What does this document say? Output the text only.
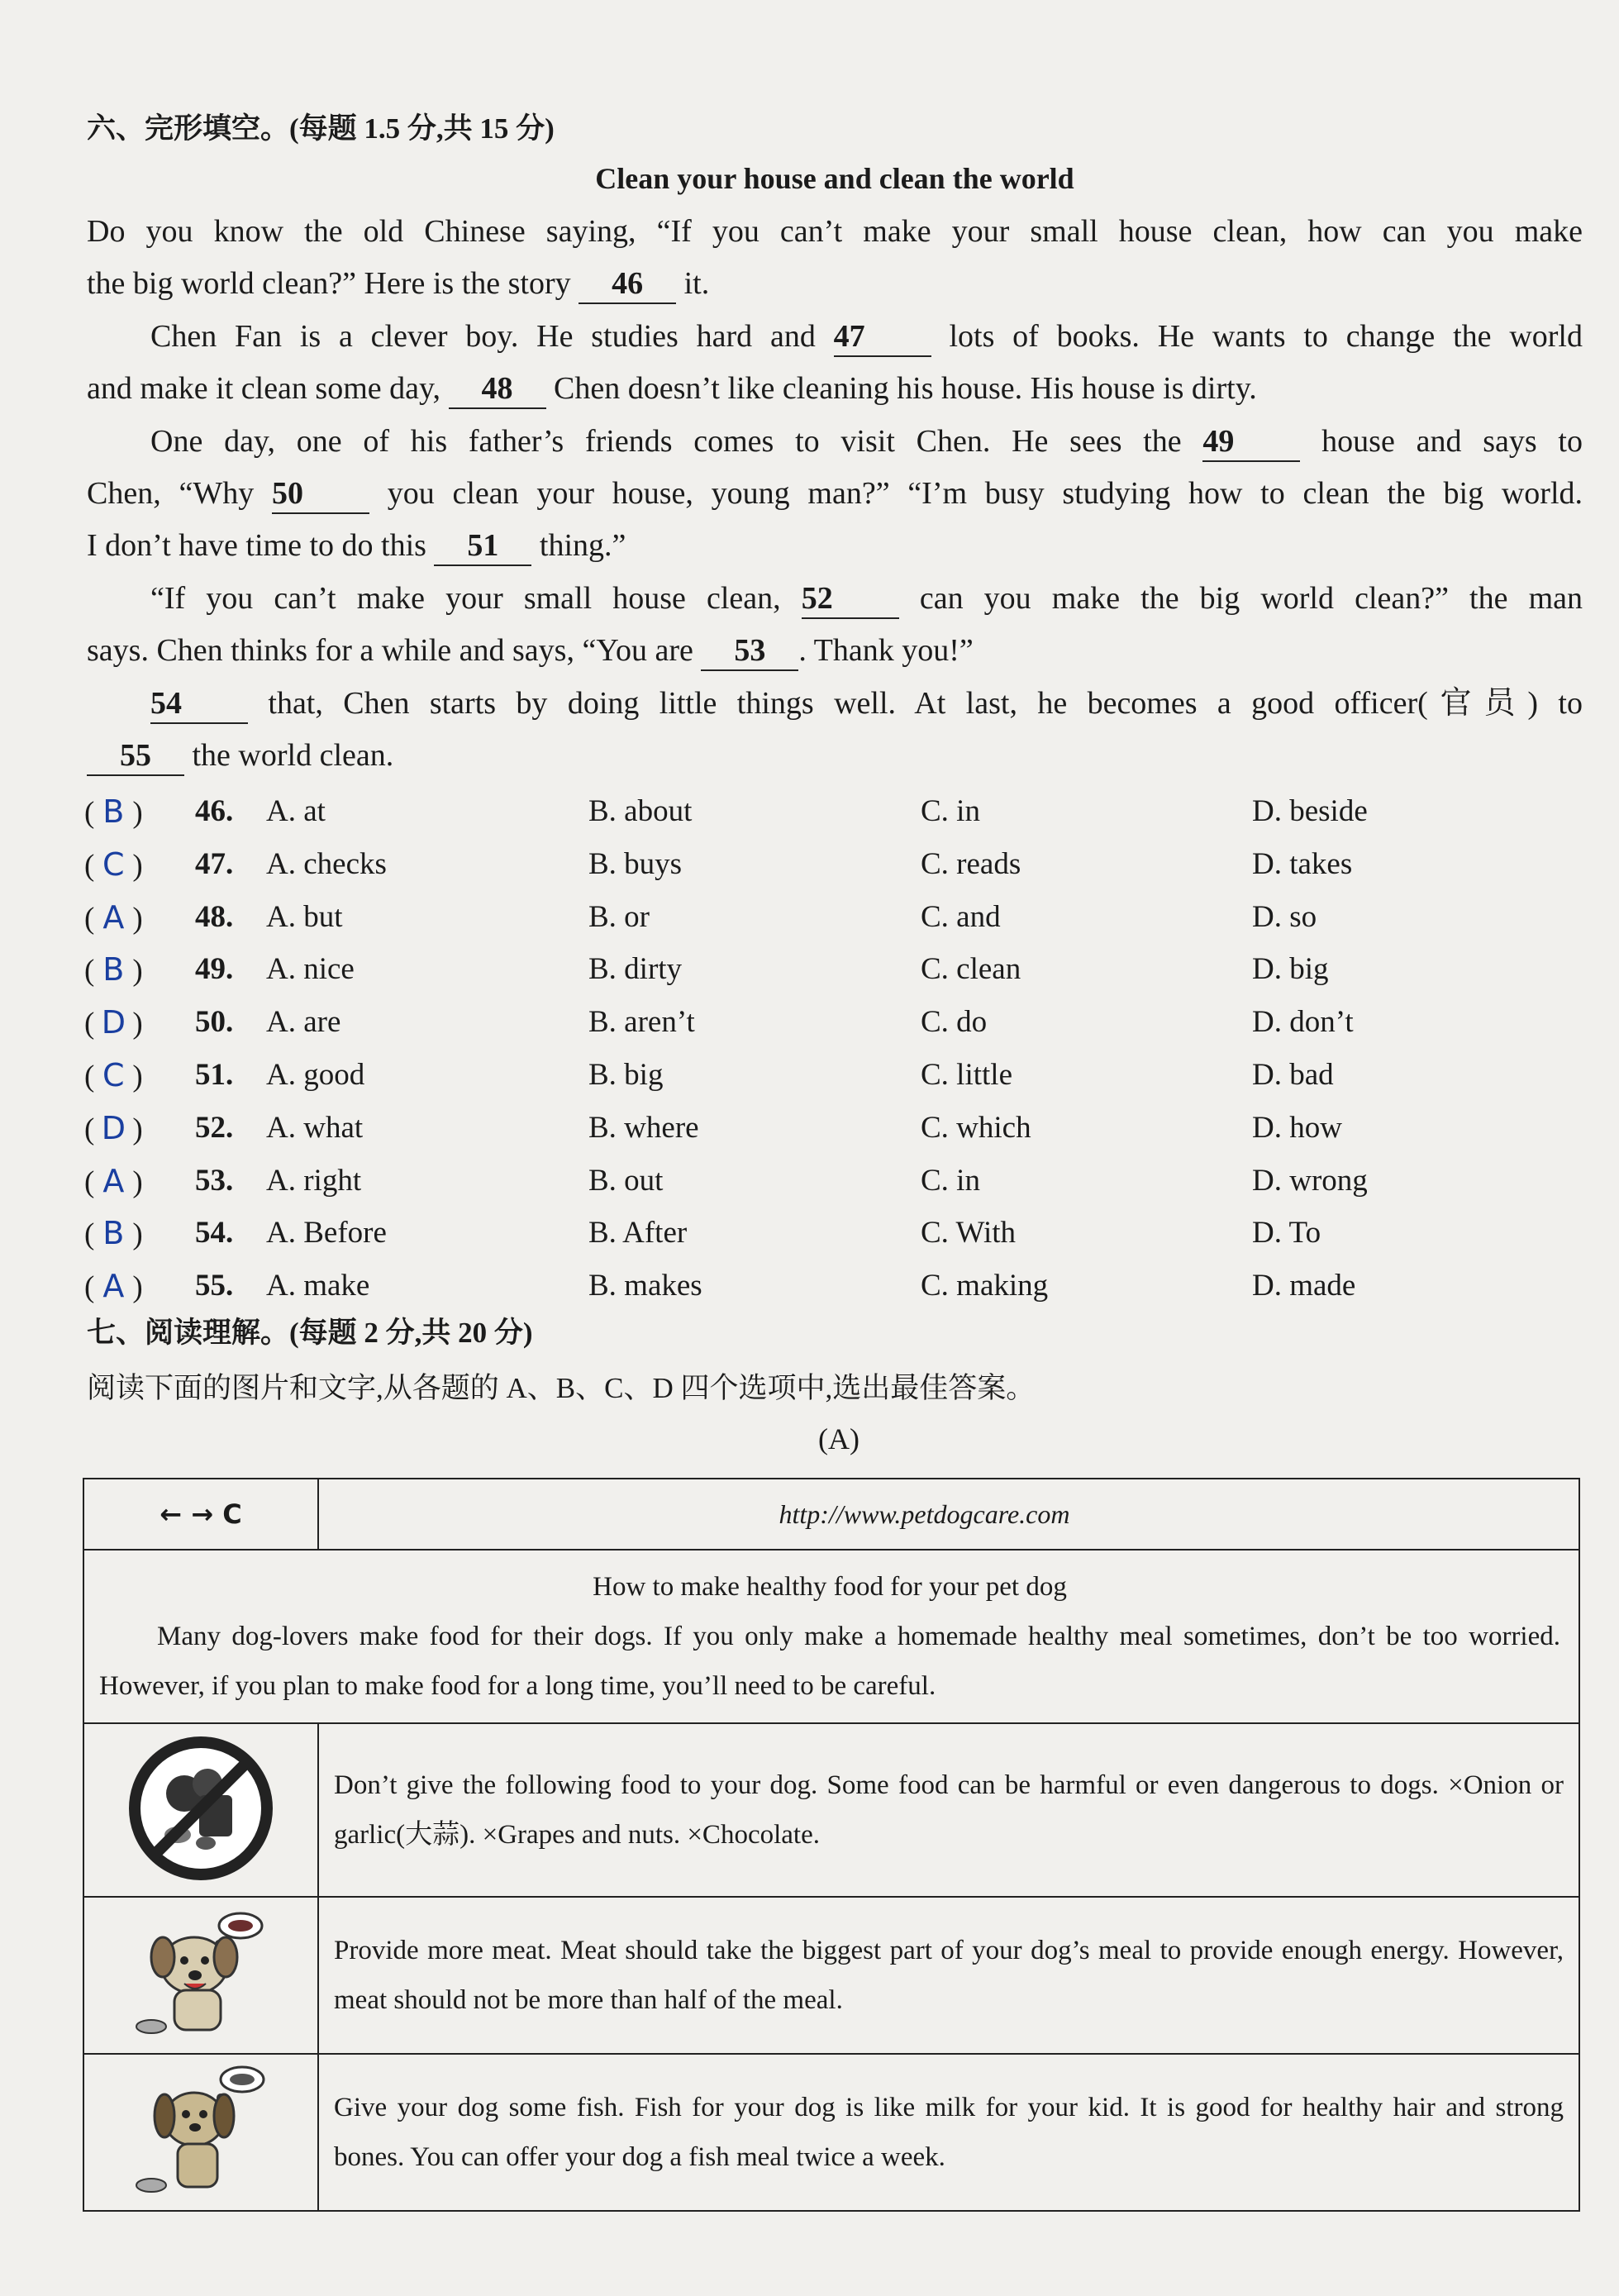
六、完形填空。(每题 1.5 分,共 15 分)
Clean your house and clean the world
Do you know the old Chinese saying, “If you can’t make your small house clean, how can you make
the big world clean?” Here is the story 46 it.
Chen Fan is a clever boy. He studies hard and 47 lots of books. He wants to change the world
and make it clean some day, 48 Chen doesn’t like cleaning his house. His house is dirty.
One day, one of his father’s friends comes to visit Chen. He sees the 49 house and says to
Chen, “Why 50 you clean your house, young man?” “I’m busy studying how to clean the big world.
I don’t have time to do this 51 thing.”
“If you can’t make your small house clean, 52 can you make the big world clean?” the man
says. Chen thinks for a while and says, “You are 53 . Thank you!”
54 that, Chen starts by doing little things well. At last, he becomes a good officer(官员) to
55 the world clean.
( B ) 46. A. at	B. about	C. in	D. beside
( C ) 47. A. checks	B. buys	C. reads	D. takes
( A ) 48. A. but	B. or	C. and	D. so
( B ) 49. A. nice	B. dirty	C. clean	D. big
( D ) 50. A. are	B. aren’t	C. do	D. don’t
( C ) 51. A. good	B. big	C. little	D. bad
( D ) 52. A. what	B. where	C. which	D. how
( A ) 53. A. right	B. out	C. in	D. wrong
( B ) 54. A. Before	B. After	C. With	D. To
( A ) 55. A. make	B. makes	C. making	D. made
七、阅读理解。(每题 2 分,共 20 分)
阅读下面的图片和文字,从各题的 A、B、C、D 四个选项中,选出最佳答案。
(A)
← → C	http://www.petdogcare.com

How to make healthy food for your pet dog
Many dog-lovers make food for their dogs. If you only make a homemade healthy meal sometimes, don’t be too worried. However, if you plan to make food for a long time, you’ll need to be careful.	

	Don’t give the following food to your dog. Some food can be harmful or even dangerous to dogs. ×Onion or garlic(大蒜). ×Grapes and nuts. ×Chocolate.
	Provide more meat. Meat should take the biggest part of your dog’s meal to provide enough energy. However, meat should not be more than half of the meal.
	Give your dog some fish. Fish for your dog is like milk for your kid. It is good for healthy hair and strong bones. You can offer your dog a fish meal twice a week.
